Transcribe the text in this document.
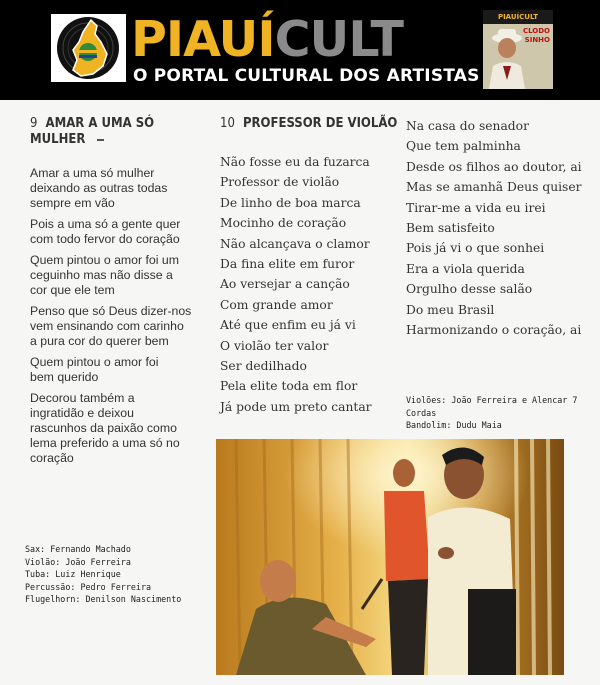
PIAUÍCULT
O PORTAL CULTURAL DOS ARTISTAS
PIAUÍCULT
CLODO SINHO
9 AMAR A UMA SÓ
MULHER
Amar a uma só mulher
deixando as outras todas
sempre em vão
Pois a uma só a gente quer
com todo fervor do coração
Quem pintou o amor foi um
ceguinho mas não disse a
cor que ele tem
Penso que só Deus dizer-nos
vem ensinando com carinho
a pura cor do querer bem
Quem pintou o amor foi
bem querido
Decorou também a
ingratidão e deixou
rascunhos da paixão como
lema preferido a uma só no
coração
Sax: Fernando Machado
Violão: João Ferreira
Tuba: Luiz Henrique
Percussão: Pedro Ferreira
Flugelhorn: Denilson Nascimento
10 PROFESSOR DE VIOLÃO
Não fosse eu da fuzarca
Professor de violão
De linho de boa marca
Mocinho de coração
Não alcançava o clamor
Da fina elite em furor
Ao versejar a canção
Com grande amor
Até que enfim eu já vi
O violão ter valor
Ser dedilhado
Pela elite toda em flor
Já pode um preto cantar
Na casa do senador
Que tem palminha
Desde os filhos ao doutor, ai
Mas se amanhã Deus quiser
Tirar-me a vida eu irei
Bem satisfeito
Pois já vi o que sonhei
Era a viola querida
Orgulho desse salão
Do meu Brasil
Harmonizando o coração, ai
Violões: João Ferreira e Alencar 7 Cordas
Bandolim: Dudu Maia
